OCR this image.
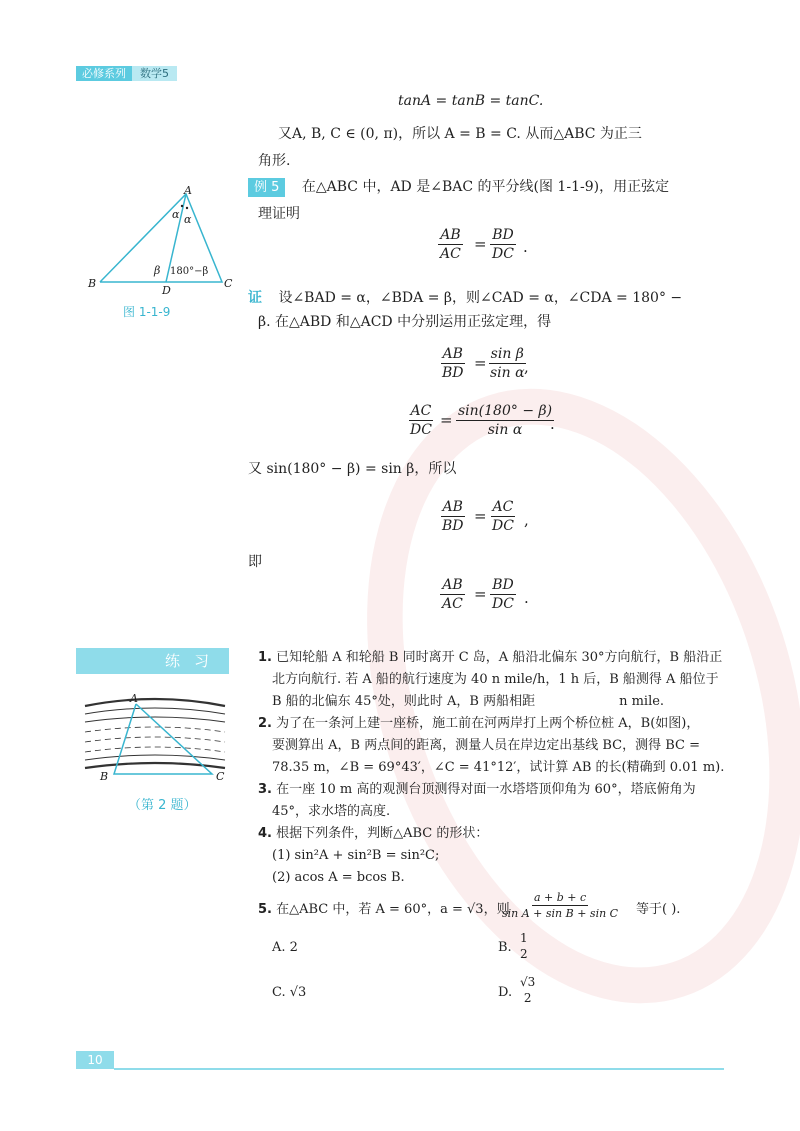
必修系列	数学5
tanA = tanB = tanC.
又A, B, C ∈ (0, π)，所以 A = B = C. 从而△ABC 为正三
角形.
例 5 在△ABC 中，AD 是∠BAC 的平分线(图 1-1-9)，用正弦定
理证明
$\frac{AB}{AC} = \frac{BD}{DC}$ .
A
B	C
D
α α
β 180°−β
图 1-1-9
证 设∠BAD = α，∠BDA = β，则∠CAD = α，∠CDA = 180° −
β. 在△ABD 和△ACD 中分别运用正弦定理，得
$\frac{AB}{BD} = \frac{\text{sin β}}{\text{sin α}}$
,
$\frac{AC}{DC} = \frac{\sin(180^\circ - \beta)}{\text{sin α}}$
.
又 sin(180° − β) = sin β，所以
$\frac{AB}{BD} = \frac{AC}{DC}$ ,
即
$\frac{AB}{AC} = \frac{BD}{DC}$ .
练习
A
B	C
（第 2 题）
1. 已知轮船 A 和轮船 B 同时离开 C 岛，A 船沿北偏东 30°方向航行，B 船沿正
北方向航行. 若 A 船的航行速度为 40 n mile/h，1 h 后，B 船测得 A 船位于
B 船的北偏东 45°处，则此时 A，B 两船相距	n mile.
2. 为了在一条河上建一座桥，施工前在河两岸打上两个桥位桩 A，B(如图)，
要测算出 A，B 两点间的距离，测量人员在岸边定出基线 BC，测得 BC =
78.35 m，∠B = 69°43′，∠C = 41°12′，试计算 AB 的长(精确到 0.01 m).
3. 在一座 10 m 高的观测台顶测得对面一水塔塔顶仰角为 60°，塔底俯角为
45°，求水塔的高度.
4. 根据下列条件，判断△ABC 的形状：
(1) sin²A + sin²B = sin²C;
(2) acos A = bcos B.
5. 在△ABC 中，若 A = 60°，a = √3，则
$\frac{a + b + c}{\text{sin A + sin B + sin C}}$ 等于( ).
A. 2	B.
1
2
C. √3	D.
√3
2
10
